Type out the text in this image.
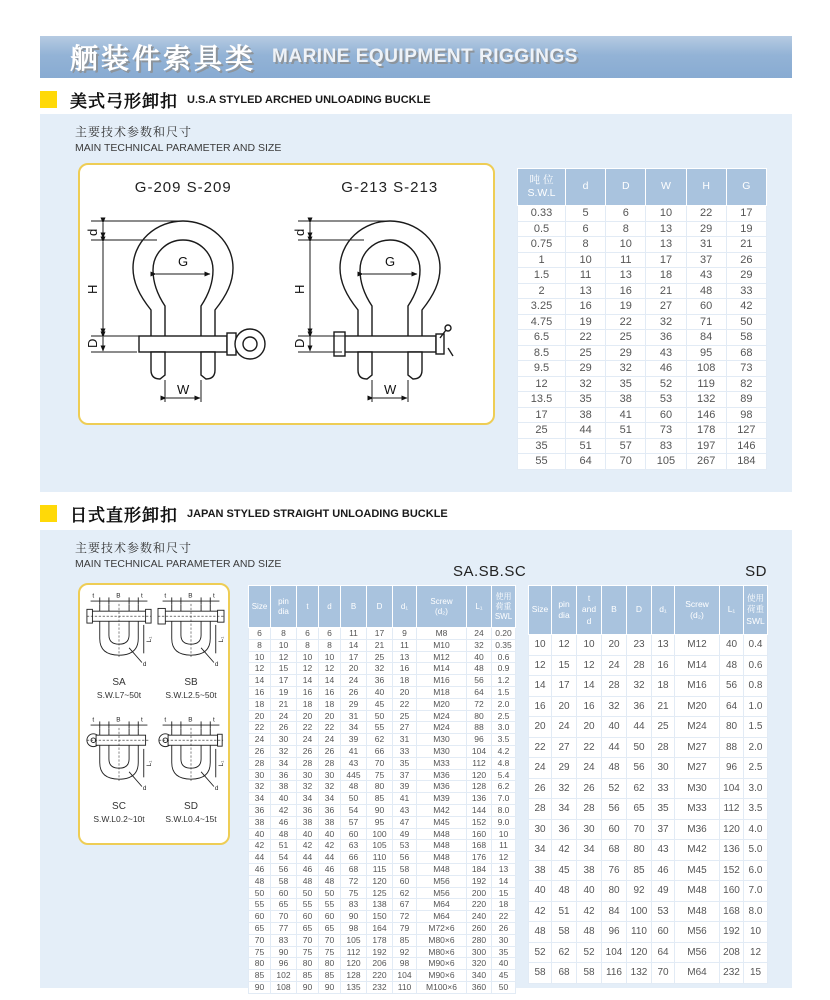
舾装件索具类 MARINE EQUIPMENT RIGGINGS
美式弓形卸扣 U.S.A STYLED ARCHED UNLOADING BUCKLE
主要技术参数和尺寸
MAIN TECHNICAL PARAMETER AND SIZE
G-209 S-209
d
H
D
G
W
G-213 S-213
d
H
D
G
W
吨 位
S.W.L	d	D	W	H	G
0.33	5	6	10	22	17
0.5	6	8	13	29	19
0.75	8	10	13	31	21
1	10	11	17	37	26
1.5	11	13	18	43	29
2	13	16	21	48	33
3.25	16	19	27	60	42
4.75	19	22	32	71	50
6.5	22	25	36	84	58
8.5	25	29	43	95	68
9.5	29	32	46	108	73
12	32	35	52	119	82
13.5	35	38	53	132	89
17	38	41	60	146	98
25	44	51	73	178	127
35	51	57	83	197	146
55	64	70	105	267	184
日式直形卸扣 JAPAN STYLED STRAIGHT UNLOADING BUCKLE
主要技术参数和尺寸
MAIN TECHNICAL PARAMETER AND SIZE	SA.SB.SC	SD
t	B	t
L₁
d
SA
S.W.L7~50t
t	B	t
L₁
d
SB
S.W.L2.5~50t
t	B	t
L₁
d
SC
S.W.L0.2~10t
t	B	t
L₁
d
SD
S.W.L0.4~15t
Size	pin
dia	t	d	B	D	d₁	Screw
(d₂)	L₁	使用
荷重
SWL
6	8	6	6	11	17	9	M8	24	0.20
8	10	8	8	14	21	11	M10	32	0.35
10	12	10	10	17	25	13	M12	40	0.6
12	15	12	12	20	32	16	M14	48	0.9
14	17	14	14	24	36	18	M16	56	1.2
16	19	16	16	26	40	20	M18	64	1.5
18	21	18	18	29	45	22	M20	72	2.0
20	24	20	20	31	50	25	M24	80	2.5
22	26	22	22	34	55	27	M24	88	3.0
24	30	24	24	39	62	31	M30	96	3.5
26	32	26	26	41	66	33	M30	104	4.2
28	34	28	28	43	70	35	M33	112	4.8
30	36	30	30	445	75	37	M36	120	5.4
32	38	32	32	48	80	39	M36	128	6.2
34	40	34	34	50	85	41	M39	136	7.0
36	42	36	36	54	90	43	M42	144	8.0
38	46	38	38	57	95	47	M45	152	9.0
40	48	40	40	60	100	49	M48	160	10
42	51	42	42	63	105	53	M48	168	11
44	54	44	44	66	110	56	M48	176	12
46	56	46	46	68	115	58	M48	184	13
48	58	48	48	72	120	60	M56	192	14
50	60	50	50	75	125	62	M56	200	15
55	65	55	55	83	138	67	M64	220	18
60	70	60	60	90	150	72	M64	240	22
65	77	65	65	98	164	79	M72×6	260	26
70	83	70	70	105	178	85	M80×6	280	30
75	90	75	75	112	192	92	M80×6	300	35
80	96	80	80	120	206	98	M90×6	320	40
85	102	85	85	128	220	104	M90×6	340	45
90	108	90	90	135	232	110	M100×6	360	50
Size	pin
dia	t
and
d	B	D	d₁	Screw
(d₂)	L₁	使用
荷重
SWL
10	12	10	20	23	13	M12	40	0.4
12	15	12	24	28	16	M14	48	0.6
14	17	14	28	32	18	M16	56	0.8
16	20	16	32	36	21	M20	64	1.0
20	24	20	40	44	25	M24	80	1.5
22	27	22	44	50	28	M27	88	2.0
24	29	24	48	56	30	M27	96	2.5
26	32	26	52	62	33	M30	104	3.0
28	34	28	56	65	35	M33	112	3.5
30	36	30	60	70	37	M36	120	4.0
34	42	34	68	80	43	M42	136	5.0
38	45	38	76	85	46	M45	152	6.0
40	48	40	80	92	49	M48	160	7.0
42	51	42	84	100	53	M48	168	8.0
48	58	48	96	110	60	M56	192	10
52	62	52	104	120	64	M56	208	12
58	68	58	116	132	70	M64	232	15
